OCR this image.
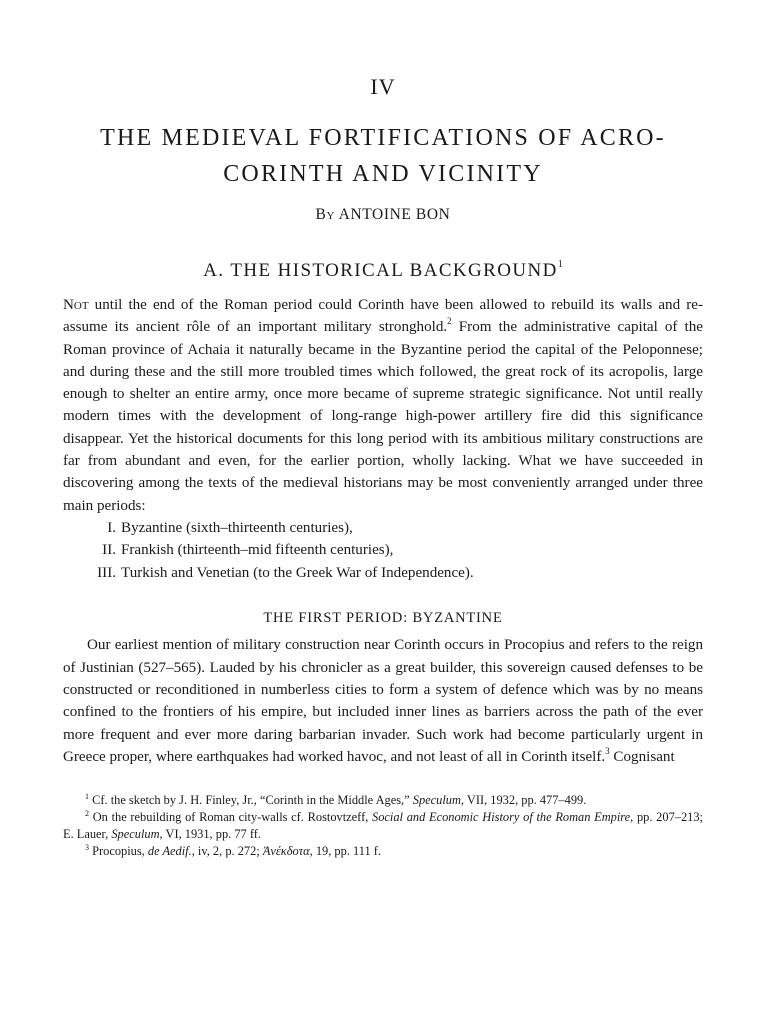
IV
THE MEDIEVAL FORTIFICATIONS OF ACRO-
CORINTH AND VICINITY
By ANTOINE BON
A. THE HISTORICAL BACKGROUND$^1$

Not until the end of the Roman period could Corinth have been allowed to rebuild its walls and re-assume its ancient rôle of an important military stronghold.$^2$ From the administrative capital of the Roman province of Achaia it naturally became in the Byzantine period the capital of the Peloponnese; and during these and the still more troubled times which followed, the great rock of its acropolis, large enough to shelter an entire army, once more became of supreme strategic significance. Not until really modern times with the development of long-range high-power artillery fire did this significance disappear. Yet the historical documents for this long period with its ambitious military constructions are far from abundant and even, for the earlier portion, wholly lacking. What we have succeeded in discovering among the texts of the medieval historians may be most conveniently arranged under three main periods:

I. Byzantine (sixth–thirteenth centuries),
II. Frankish (thirteenth–mid fifteenth centuries),
III. Turkish and Venetian (to the Greek War of Independence).
THE FIRST PERIOD: BYZANTINE

Our earliest mention of military construction near Corinth occurs in Procopius and refers to the reign of Justinian (527–565). Lauded by his chronicler as a great builder, this sovereign caused defenses to be constructed or reconditioned in numberless cities to form a system of defence which was by no means confined to the frontiers of his empire, but included inner lines as barriers across the path of the ever more frequent and ever more daring barbarian invader. Such work had become particularly urgent in Greece proper, where earthquakes had worked havoc, and not least of all in Corinth itself.$^3$ Cognisant

$^1$ Cf. the sketch by J. H. Finley, Jr., “Corinth in the Middle Ages,” Speculum, VII, 1932, pp. 477–499.

$^2$ On the rebuilding of Roman city-walls cf. Rostovtzeff, Social and Economic History of the Roman Empire, pp. 207–213; E. Lauer, Speculum, VI, 1931, pp. 77 ff.

$^3$ Procopius, de Aedif., iv, 2, p. 272; Ἀνέκδοτα, 19, pp. 111 f.
